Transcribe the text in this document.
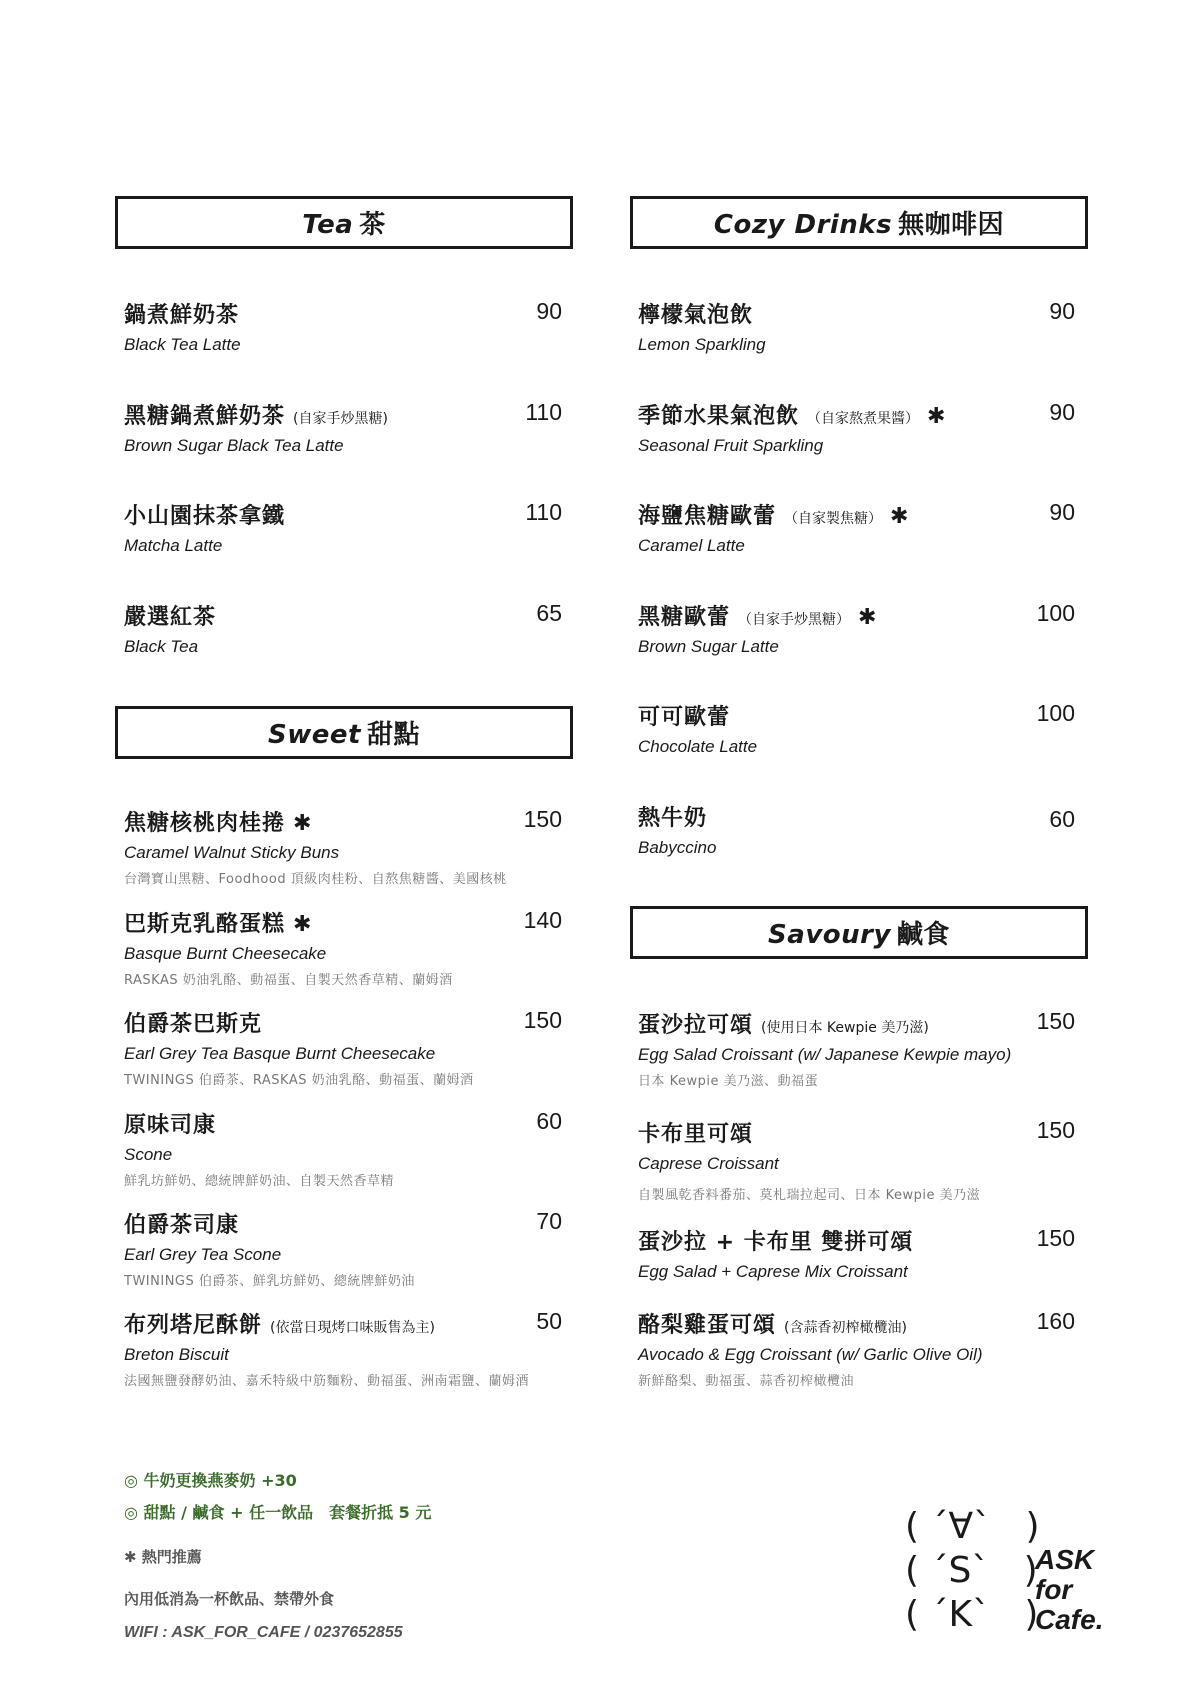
Tea 茶	Cozy Drinks 無咖啡因
Sweet 甜點
Savoury 鹹食
鍋煮鮮奶茶
Black Tea Latte
90
黑糖鍋煮鮮奶茶 (自家手炒黑糖)
Brown Sugar Black Tea Latte
110
小山園抹茶拿鐵
Matcha Latte
110
嚴選紅茶
Black Tea
65
檸檬氣泡飲
Lemon Sparkling
90
季節水果氣泡飲 （自家熬煮果醬） ✱
Seasonal Fruit Sparkling
90
海鹽焦糖歐蕾 （自家製焦糖） ✱
Caramel Latte
90
黑糖歐蕾 （自家手炒黑糖） ✱
Brown Sugar Latte
100
可可歐蕾
Chocolate Latte
100
熱牛奶
Babyccino
60
焦糖核桃肉桂捲 ✱
Caramel Walnut Sticky Buns
台灣寶山黑糖、Foodhood 頂級肉桂粉、自熬焦糖醬、美國核桃
150
巴斯克乳酪蛋糕 ✱
Basque Burnt Cheesecake
RASKAS 奶油乳酪、動福蛋、自製天然香草精、蘭姆酒
140
伯爵茶巴斯克
Earl Grey Tea Basque Burnt Cheesecake
TWININGS 伯爵茶、RASKAS 奶油乳酪、動福蛋、蘭姆酒
150
原味司康
Scone
鮮乳坊鮮奶、總統牌鮮奶油、自製天然香草精
60
伯爵茶司康
Earl Grey Tea Scone
TWININGS 伯爵茶、鮮乳坊鮮奶、總統牌鮮奶油
70
布列塔尼酥餅 (依當日現烤口味販售為主)
Breton Biscuit
法國無鹽發酵奶油、嘉禾特級中筋麵粉、動福蛋、洲南霜鹽、蘭姆酒
50
蛋沙拉可頌 (使用日本 Kewpie 美乃滋)
Egg Salad Croissant (w/ Japanese Kewpie mayo)
日本 Kewpie 美乃滋、動福蛋
150
卡布里可頌
Caprese Croissant
自製風乾香料番茄、莫札瑞拉起司、日本 Kewpie 美乃滋
150
蛋沙拉 + 卡布里 雙拼可頌
Egg Salad + Caprese Mix Croissant
150
酪梨雞蛋可頌 (含蒜香初榨橄欖油)
Avocado & Egg Croissant (w/ Garlic Olive Oil)
新鮮酪梨、動福蛋、蒜香初榨橄欖油
160
◎ 牛奶更換燕麥奶 +30
◎ 甜點 / 鹹食 + 任一飲品　套餐折抵 5 元
✱ 熱門推薦
內用低消為一杯飲品、禁帶外食
WIFI : ASK_FOR_CAFE / 0237652855
( ´∀`   )
( ´S`   )
( ´K`   )
ASK
for
Cafe.
